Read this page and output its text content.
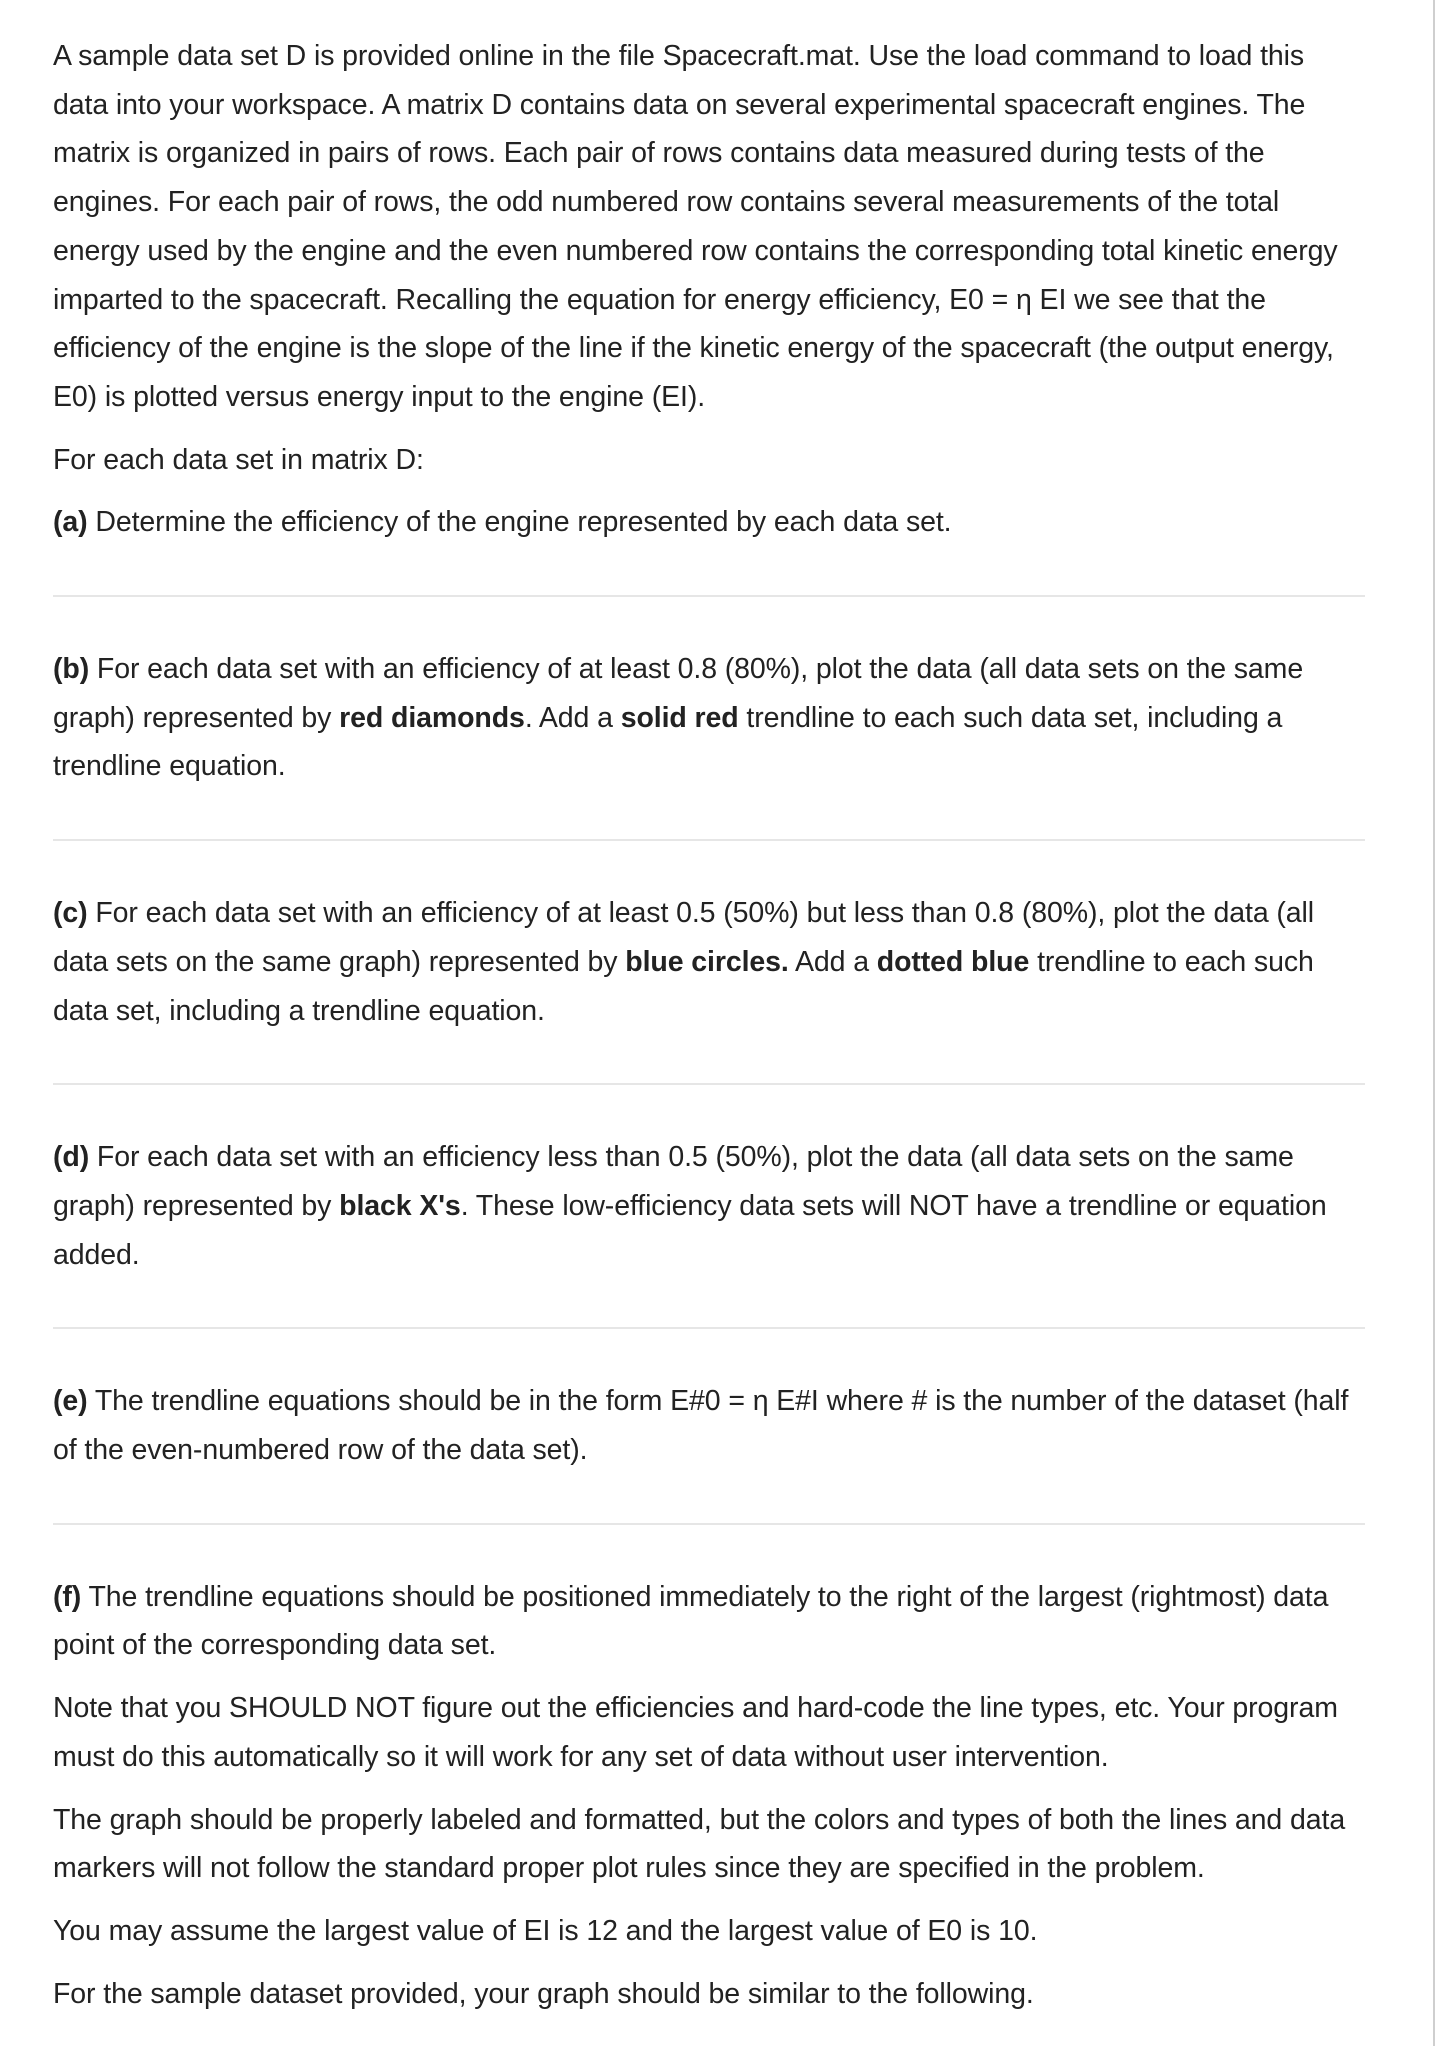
A sample data set D is provided online in the file Spacecraft.mat. Use the load command to load this data into your workspace. A matrix D contains data on several experimental spacecraft engines. The matrix is organized in pairs of rows. Each pair of rows contains data measured during tests of the engines. For each pair of rows, the odd numbered row contains several measurements of the total energy used by the engine and the even numbered row contains the corresponding total kinetic energy imparted to the spacecraft. Recalling the equation for energy efficiency, E0 = η EI we see that the efficiency of the engine is the slope of the line if the kinetic energy of the spacecraft (the output energy, E0) is plotted versus energy input to the engine (EI).

For each data set in matrix D:

(a) Determine the efficiency of the engine represented by each data set.

(b) For each data set with an efficiency of at least 0.8 (80%), plot the data (all data sets on the same graph) represented by red diamonds. Add a solid red trendline to each such data set, including a trendline equation.

(c) For each data set with an efficiency of at least 0.5 (50%) but less than 0.8 (80%), plot the data (all data sets on the same graph) represented by blue circles. Add a dotted blue trendline to each such data set, including a trendline equation.

(d) For each data set with an efficiency less than 0.5 (50%), plot the data (all data sets on the same graph) represented by black X's. These low-efficiency data sets will NOT have a trendline or equation added.

(e) The trendline equations should be in the form E#0 = η E#I where # is the number of the dataset (half of the even-numbered row of the data set).

(f) The trendline equations should be positioned immediately to the right of the largest (rightmost) data point of the corresponding data set.

Note that you SHOULD NOT figure out the efficiencies and hard-code the line types, etc. Your program must do this automatically so it will work for any set of data without user intervention.

The graph should be properly labeled and formatted, but the colors and types of both the lines and data markers will not follow the standard proper plot rules since they are specified in the problem.

You may assume the largest value of EI is 12 and the largest value of E0 is 10.

For the sample dataset provided, your graph should be similar to the following.
